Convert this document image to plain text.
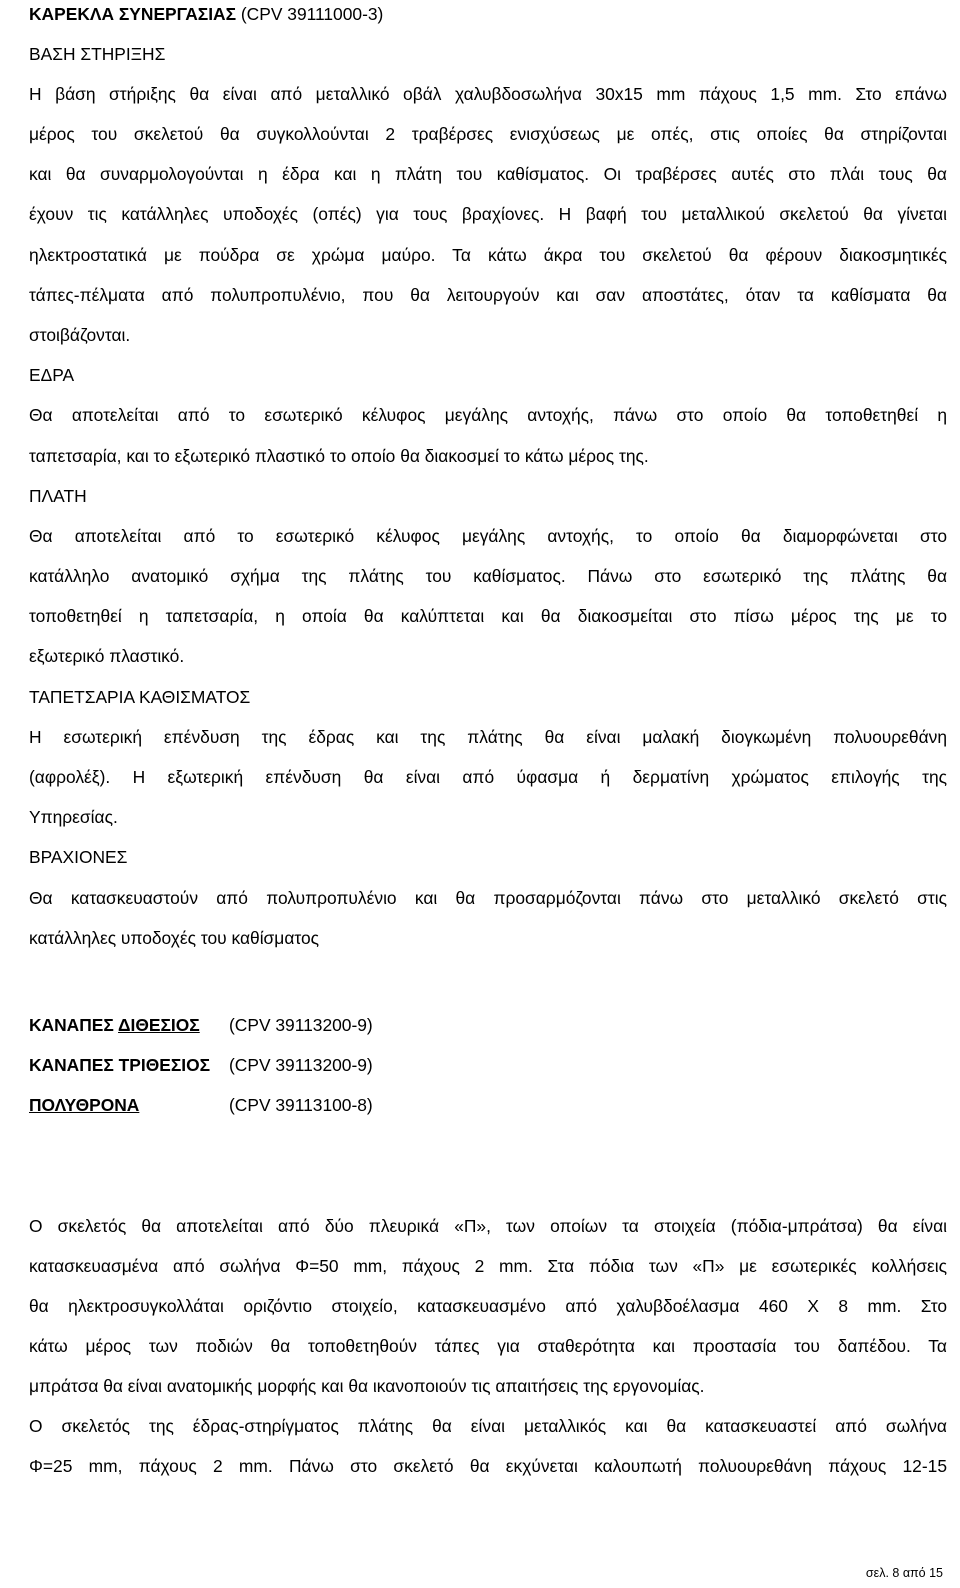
ΚΑΡΕΚΛΑ ΣΥΝΕΡΓΑΣΙΑΣ (CPV 39111000-3)
ΒΑΣΗ ΣΤΗΡΙΞΗΣ
Η βάση στήριξης θα είναι από μεταλλικό οβάλ χαλυβδοσωλήνα 30x15 mm πάχους 1,5 mm. Στο επάνω
μέρος του σκελετού θα συγκολλούνται 2 τραβέρσες ενισχύσεως με οπές, στις οποίες θα στηρίζονται
και θα συναρμολογούνται η έδρα και η πλάτη του καθίσματος. Οι τραβέρσες αυτές στο πλάι τους θα
έχουν τις κατάλληλες υποδοχές (οπές) για τους βραχίονες. Η βαφή του μεταλλικού σκελετού θα γίνεται
ηλεκτροστατικά με πούδρα σε χρώμα μαύρο. Τα κάτω άκρα του σκελετού θα φέρουν διακοσμητικές
τάπες-πέλματα από πολυπροπυλένιο, που θα λειτουργούν και σαν αποστάτες, όταν τα καθίσματα θα
στοιβάζονται.
ΕΔΡΑ
Θα αποτελείται από το εσωτερικό κέλυφος μεγάλης αντοχής, πάνω στο οποίο θα τοποθετηθεί η
ταπετσαρία, και το εξωτερικό πλαστικό το οποίο θα διακοσμεί το κάτω μέρος της.
ΠΛΑΤΗ
Θα αποτελείται από το εσωτερικό κέλυφος μεγάλης αντοχής, το οποίο θα διαμορφώνεται στο
κατάλληλο ανατομικό σχήμα της πλάτης του καθίσματος. Πάνω στο εσωτερικό της πλάτης θα
τοποθετηθεί η ταπετσαρία, η οποία θα καλύπτεται και θα διακοσμείται στο πίσω μέρος της με το
εξωτερικό πλαστικό.
ΤΑΠΕΤΣΑΡΙΑ ΚΑΘΙΣΜΑΤΟΣ
Η εσωτερική επένδυση της έδρας και της πλάτης θα είναι μαλακή διογκωμένη πολυουρεθάνη
(αφρολέξ). Η εξωτερική επένδυση θα είναι από ύφασμα ή δερματίνη χρώματος επιλογής της
Υπηρεσίας.
ΒΡΑΧΙΟΝΕΣ
Θα κατασκευαστούν από πολυπροπυλένιο και θα προσαρμόζονται πάνω στο μεταλλικό σκελετό στις
κατάλληλες υποδοχές του καθίσματος
ΚΑΝΑΠΕΣ ΔΙΘΕΣΙΟΣ (CPV 39113200-9)
ΚΑΝΑΠΕΣ ΤΡΙΘΕΣΙΟΣ (CPV 39113200-9)
ΠΟΛΥΘΡΟΝΑ	(CPV 39113100-8)
Ο σκελετός θα αποτελείται από δύο πλευρικά «Π», των οποίων τα στοιχεία (πόδια-μπράτσα) θα είναι
κατασκευασμένα από σωλήνα Φ=50 mm, πάχους 2 mm. Στα πόδια των «Π» με εσωτερικές κολλήσεις
θα ηλεκτροσυγκολλάται οριζόντιο στοιχείο, κατασκευασμένο από χαλυβδοέλασμα 460 Χ 8 mm. Στο
κάτω μέρος των ποδιών θα τοποθετηθούν τάπες για σταθερότητα και προστασία του δαπέδου. Τα
μπράτσα θα είναι ανατομικής μορφής και θα ικανοποιούν τις απαιτήσεις της εργονομίας.
Ο σκελετός της έδρας-στηρίγματος πλάτης θα είναι μεταλλικός και θα κατασκευαστεί από σωλήνα
Φ=25 mm, πάχους 2 mm. Πάνω στο σκελετό θα εκχύνεται καλουπωτή πολυουρεθάνη πάχους 12-15
σελ. 8 από 15
